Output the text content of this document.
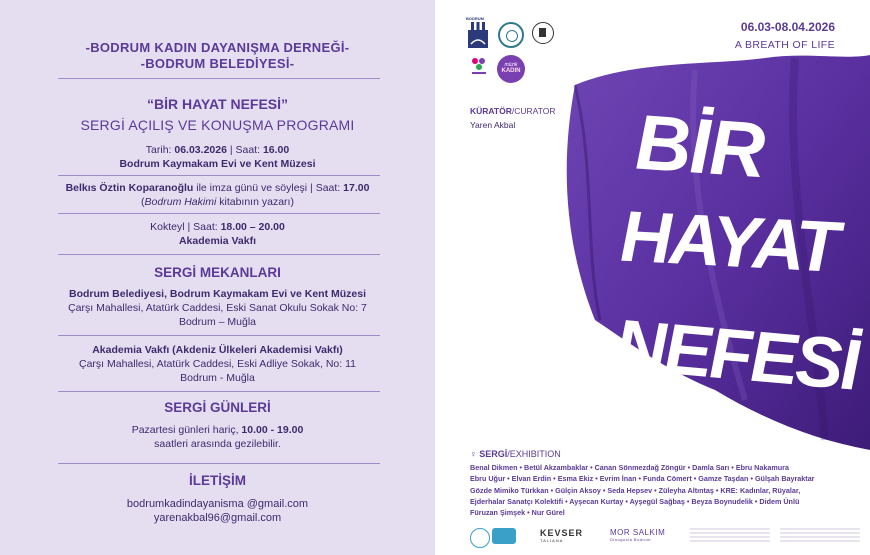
-BODRUM KADIN DAYANIŞMA DERNEĞİ-
-BODRUM BELEDİYESİ-
“BİR HAYAT NEFESİ”
SERGİ AÇILIŞ VE KONUŞMA PROGRAMI
Tarih: 06.03.2026 | Saat: 16.00
Bodrum Kaymakam Evi ve Kent Müzesi
Belkıs Öztin Koparanoğlu ile imza günü ve söyleşi | Saat: 17.00
(Bodrum Hakimi kitabının yazarı)
Kokteyl | Saat: 18.00 – 20.00
Akademia Vakfı
SERGİ MEKANLARI
Bodrum Belediyesi, Bodrum Kaymakam Evi ve Kent Müzesi
Çarşı Mahallesi, Atatürk Caddesi, Eski Sanat Okulu Sokak No: 7
Bodrum – Muğla
Akademia Vakfı (Akdeniz Ülkeleri Akademisi Vakfı)
Çarşı Mahallesi, Atatürk Caddesi, Eski Adliye Sokak, No: 11
Bodrum - Muğla
SERGİ GÜNLERİ
Pazartesi günleri hariç, 10.00 - 19.00
saatleri arasında gezilebilir.
İLETİŞİM
bodrumkadindayanisma @gmail.com
yarenakbal96@gmail.com
BODRUM
müzik
KADIN
06.03-08.04.2026
A BREATH OF LIFE
KÜRATÖR/CURATOR
Yaren Akbal BİR
HAYAT
NEFESİ
♀ SERGİ/EXHIBITION
Benal Dikmen • Betül Akzambaklar • Canan Sönmezdağ Zöngür • Damla Sarı • Ebru Nakamura
Ebru Uğur • Elvan Erdin • Esma Ekiz • Evrim İnan • Funda Cömert • Gamze Taşdan • Gülşah Bayraktar
Gözde Mimiko Türkkan • Gülçin Aksoy • Seda Hepsev • Züleyha Altıntaş • KRE: Kadınlar, Rüyalar,
Ejderhalar Sanatçı Kolektifi • Ayşecan Kurtay • Ayşegül Sağbaş • Beyza Boynudelik • Didem Ünlü
Füruzan Şimşek • Nur Gürel
KEVSER
TALIANA
MOR SALKIM
Dinogusla Bodrum
